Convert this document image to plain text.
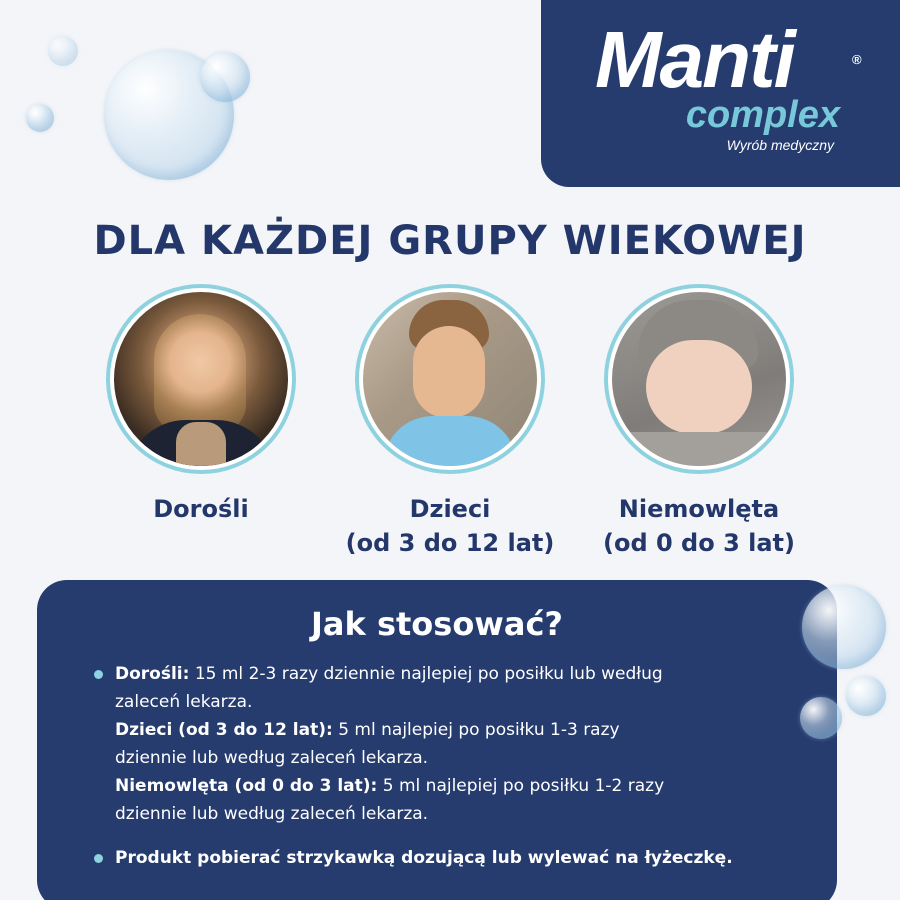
Manti	®
complex
Wyrób medyczny
DLA KAŻDEJ GRUPY WIEKOWEJ
Dorośli	Dzieci
(od 3 do 12 lat)
Niemowlęta
(od 0 do 3 lat)
Jak stosować?
Dorośli: 15 ml 2-3 razy dziennie najlepiej po posiłku lub według
zaleceń lekarza.
Dzieci (od 3 do 12 lat): 5 ml najlepiej po posiłku 1-3 razy
dziennie lub według zaleceń lekarza.
Niemowlęta (od 0 do 3 lat): 5 ml najlepiej po posiłku 1-2 razy
dziennie lub według zaleceń lekarza.
Produkt pobierać strzykawką dozującą lub wylewać na łyżeczkę.
